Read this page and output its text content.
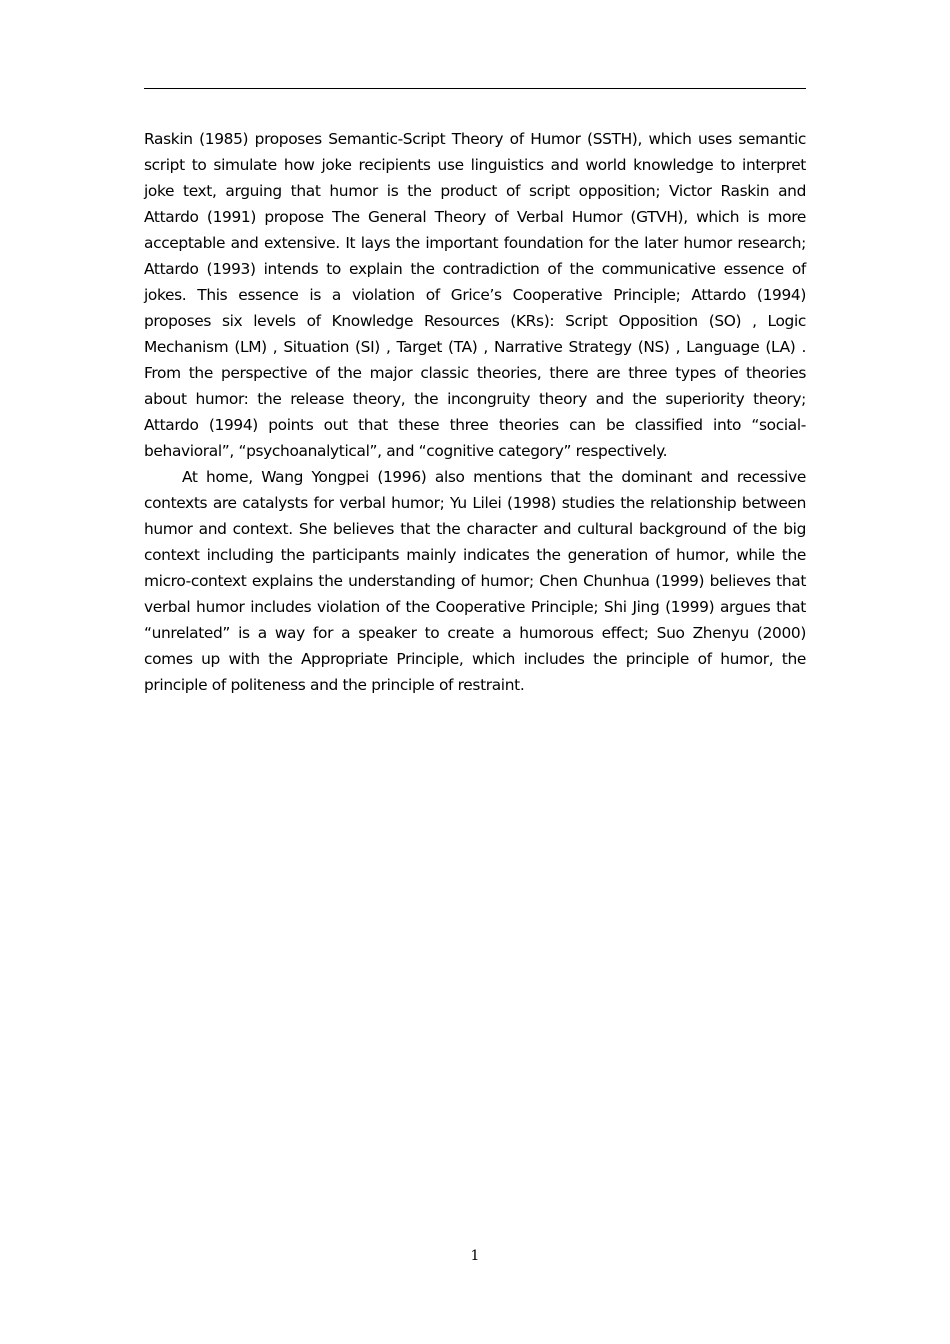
Raskin (1985) proposes Semantic-Script Theory of Humor (SSTH), which uses semantic script to simulate how joke recipients use linguistics and world knowledge to interpret joke text, arguing that humor is the product of script opposition; Victor Raskin and Attardo (1991) propose The General Theory of Verbal Humor (GTVH), which is more acceptable and extensive. It lays the important foundation for the later humor research; Attardo (1993) intends to explain the contradiction of the communicative essence of jokes. This essence is a violation of Grice’s Cooperative Principle; Attardo (1994) proposes six levels of Knowledge Resources (KRs): Script Opposition (SO) , Logic Mechanism (LM) , Situation (SI) , Target (TA) , Narrative Strategy (NS) , Language (LA) . From the perspective of the major classic theories, there are three types of theories about humor: the release theory, the incongruity theory and the superiority theory; Attardo (1994) points out that these three theories can be classified into “social-behavioral”, “psychoanalytical”, and “cognitive category” respectively.

At home, Wang Yongpei (1996) also mentions that the dominant and recessive contexts are catalysts for verbal humor; Yu Lilei (1998) studies the relationship between humor and context. She believes that the character and cultural background of the big context including the participants mainly indicates the generation of humor, while the micro-context explains the understanding of humor; Chen Chunhua (1999) believes that verbal humor includes violation of the Cooperative Principle; Shi Jing (1999) argues that “unrelated” is a way for a speaker to create a humorous effect; Suo Zhenyu (2000) comes up with the Appropriate Principle, which includes the principle of humor, the principle of politeness and the principle of restraint.

1
